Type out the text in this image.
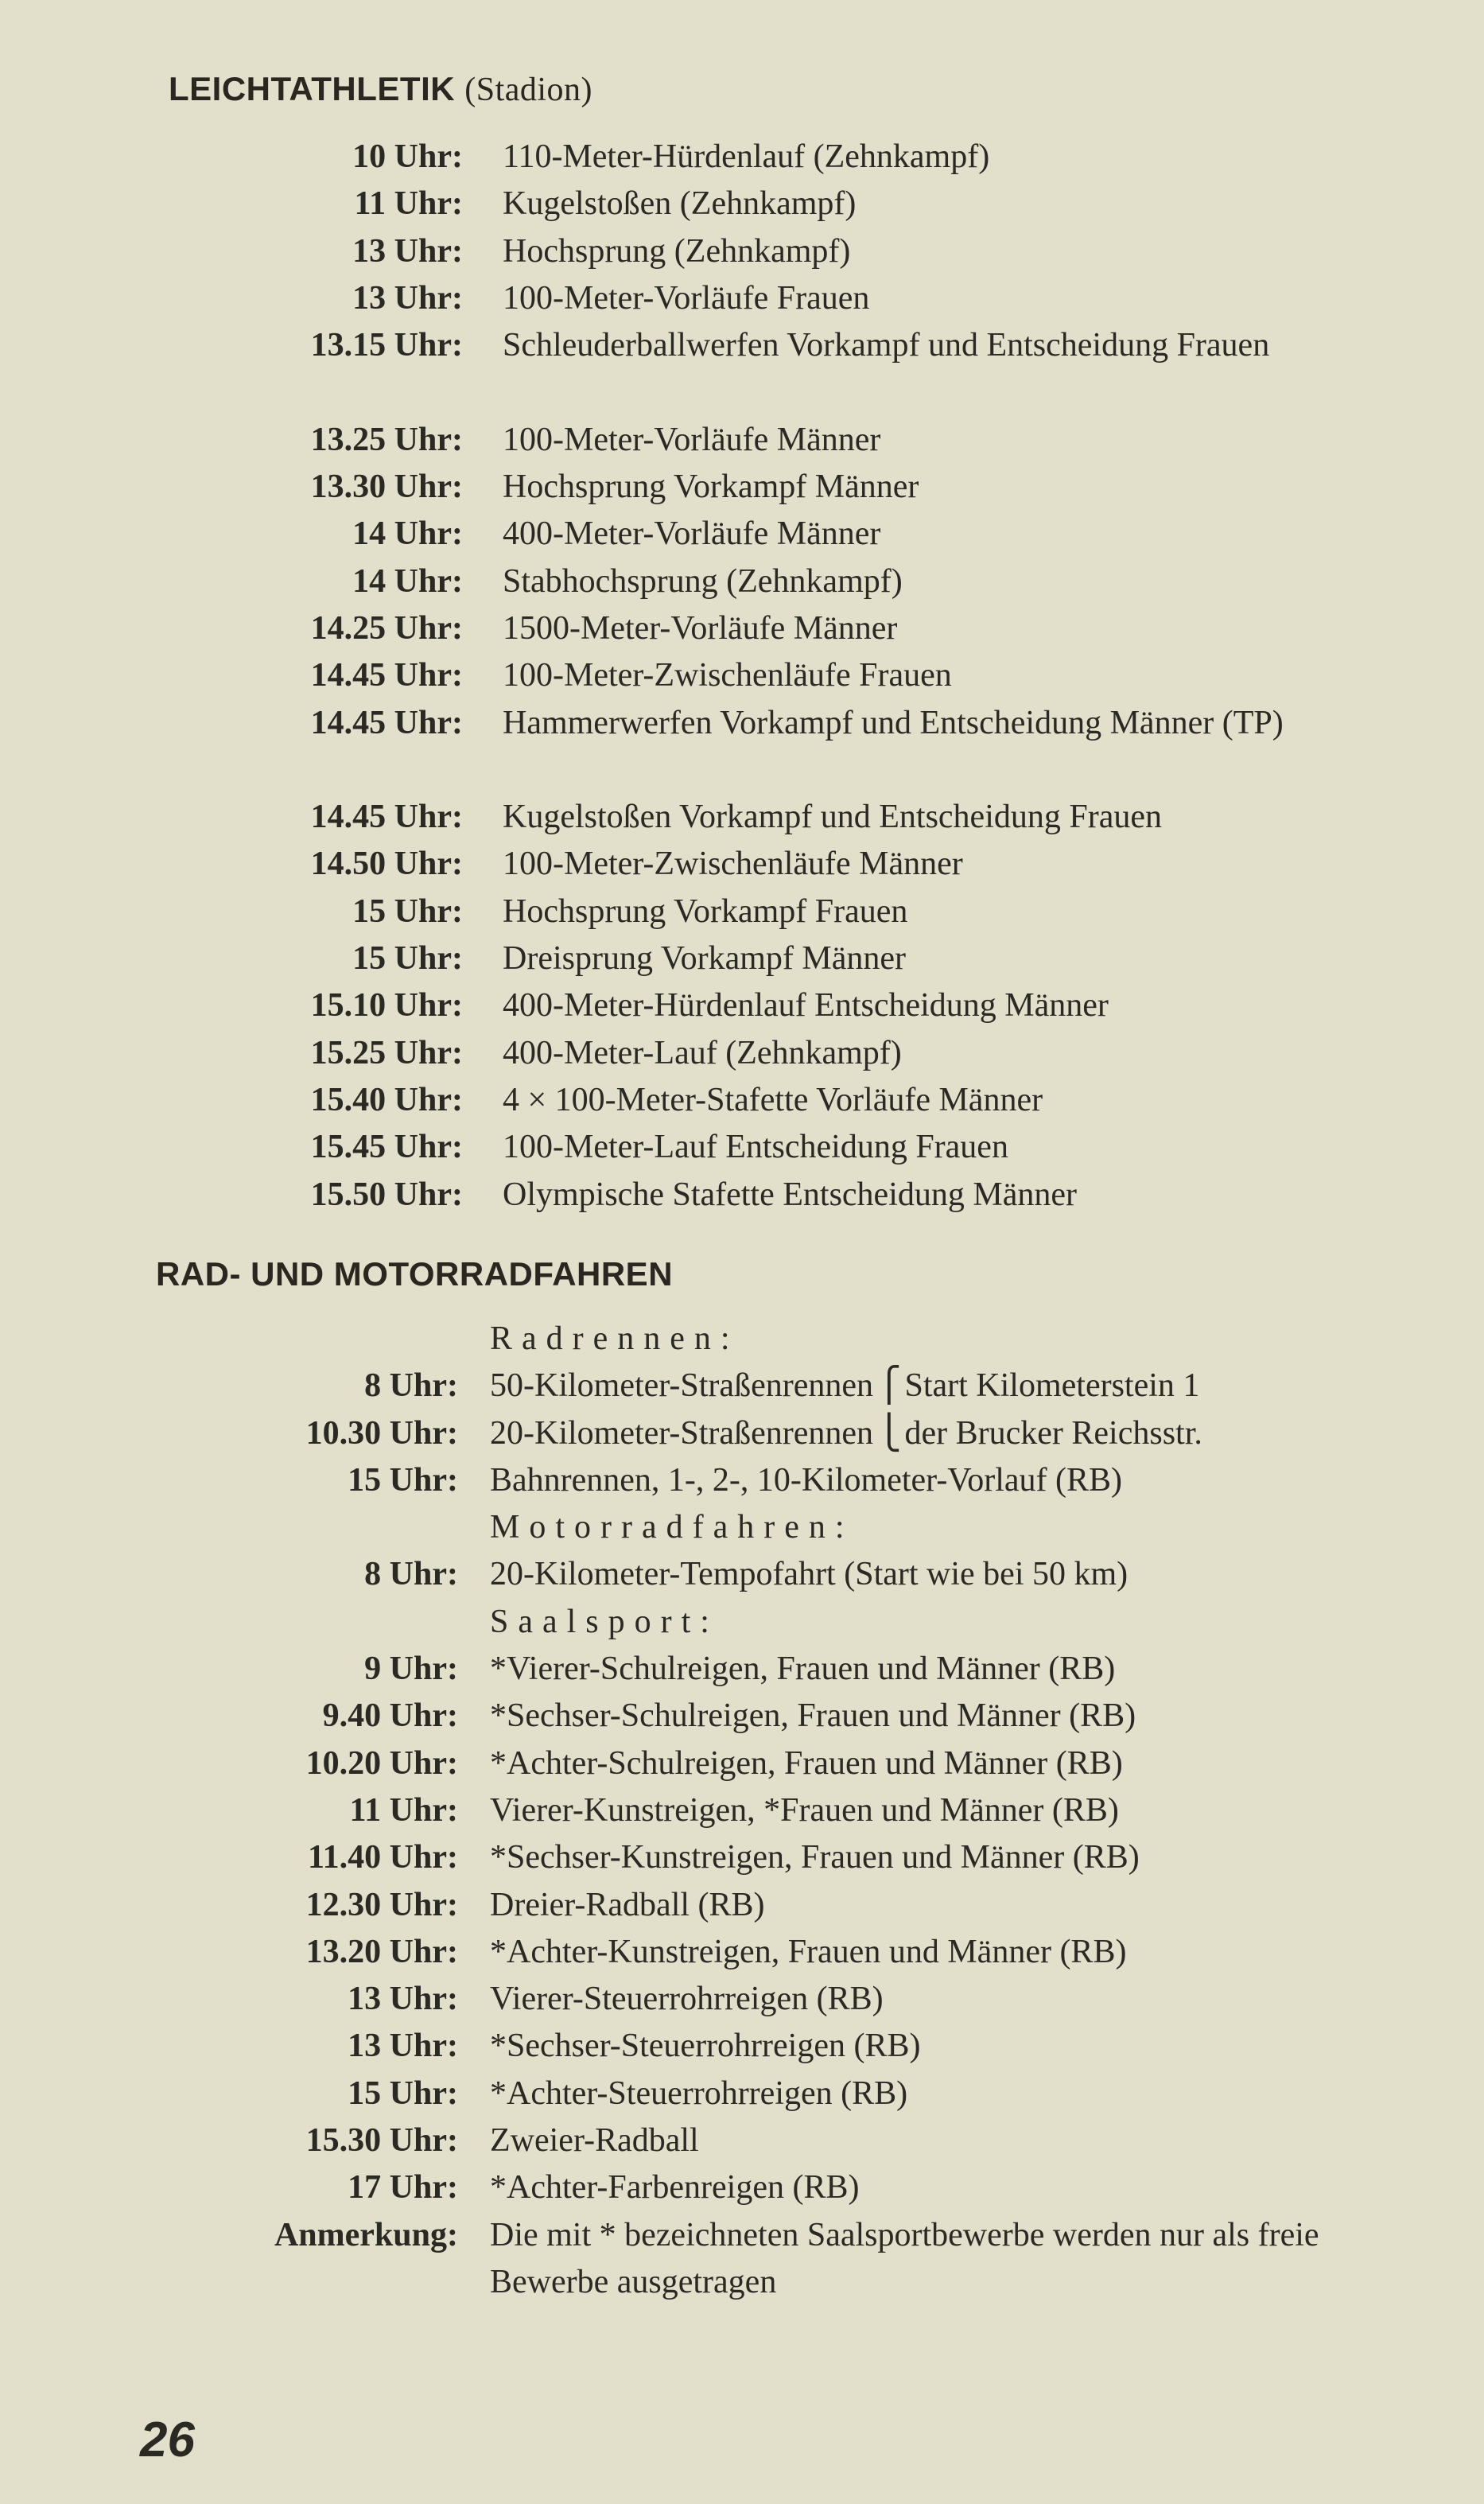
LEICHTATHLETIK (Stadion)
10 Uhr: 110-Meter-Hürdenlauf (Zehnkampf)
11 Uhr: Kugelstoßen (Zehnkampf)
13 Uhr: Hochsprung (Zehnkampf)
13 Uhr: 100-Meter-Vorläufe Frauen
13.15 Uhr: Schleuderballwerfen Vorkampf und Entscheidung Frauen
13.25 Uhr: 100-Meter-Vorläufe Männer
13.30 Uhr: Hochsprung Vorkampf Männer
14 Uhr: 400-Meter-Vorläufe Männer
14 Uhr: Stabhochsprung (Zehnkampf)
14.25 Uhr: 1500-Meter-Vorläufe Männer
14.45 Uhr: 100-Meter-Zwischenläufe Frauen
14.45 Uhr: Hammerwerfen Vorkampf und Entscheidung Männer (TP)
14.45 Uhr: Kugelstoßen Vorkampf und Entscheidung Frauen
14.50 Uhr: 100-Meter-Zwischenläufe Männer
15 Uhr: Hochsprung Vorkampf Frauen
15 Uhr: Dreisprung Vorkampf Männer
15.10 Uhr: 400-Meter-Hürdenlauf Entscheidung Männer
15.25 Uhr: 400-Meter-Lauf (Zehnkampf)
15.40 Uhr: 4 × 100-Meter-Stafette Vorläufe Männer
15.45 Uhr: 100-Meter-Lauf Entscheidung Frauen
15.50 Uhr: Olympische Stafette Entscheidung Männer
RAD- UND MOTORRADFAHREN
Radrennen:
8 Uhr: 50-Kilometer-Straßenrennen⎧Start Kilometerstein 1
10.30 Uhr: 20-Kilometer-Straßenrennen⎩der Brucker Reichsstr.
15 Uhr: Bahnrennen, 1-, 2-, 10-Kilometer-Vorlauf (RB)
Motorradfahren:
8 Uhr: 20-Kilometer-Tempofahrt (Start wie bei 50 km)
Saalsport:
9 Uhr: *Vierer-Schulreigen, Frauen und Männer (RB)
9.40 Uhr: *Sechser-Schulreigen, Frauen und Männer (RB)
10.20 Uhr: *Achter-Schulreigen, Frauen und Männer (RB)
11 Uhr: Vierer-Kunstreigen, *Frauen und Männer (RB)
11.40 Uhr: *Sechser-Kunstreigen, Frauen und Männer (RB)
12.30 Uhr: Dreier-Radball (RB)
13.20 Uhr: *Achter-Kunstreigen, Frauen und Männer (RB)
13 Uhr: Vierer-Steuerrohrreigen (RB)
13 Uhr: *Sechser-Steuerrohrreigen (RB)
15 Uhr: *Achter-Steuerrohrreigen (RB)
15.30 Uhr: Zweier-Radball
17 Uhr: *Achter-Farbenreigen (RB)
Anmerkung: Die mit * bezeichneten Saalsportbewerbe werden nur als freie Bewerbe ausgetragen
26
